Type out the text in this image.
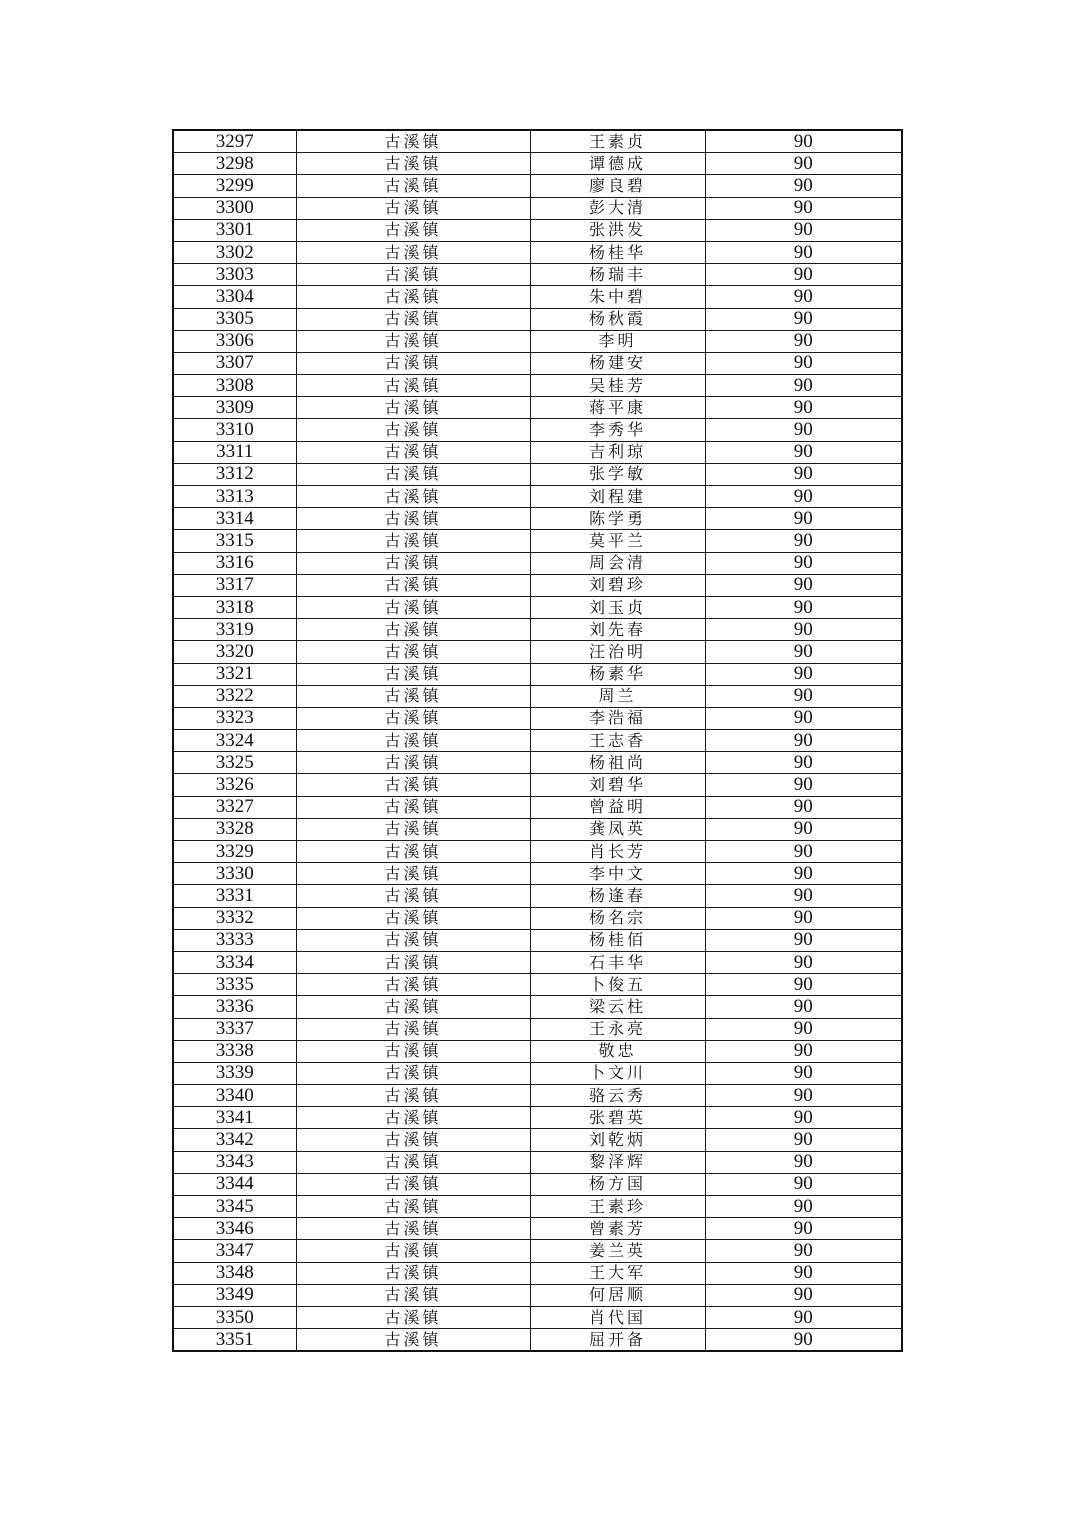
3297	古溪镇	王素贞	90
3298	古溪镇	谭德成	90
3299	古溪镇	廖良碧	90
3300	古溪镇	彭大清	90
3301	古溪镇	张洪发	90
3302	古溪镇	杨桂华	90
3303	古溪镇	杨瑞丰	90
3304	古溪镇	朱中碧	90
3305	古溪镇	杨秋霞	90
3306	古溪镇	李明	90
3307	古溪镇	杨建安	90
3308	古溪镇	吴桂芳	90
3309	古溪镇	蒋平康	90
3310	古溪镇	李秀华	90
3311	古溪镇	吉利琼	90
3312	古溪镇	张学敏	90
3313	古溪镇	刘程建	90
3314	古溪镇	陈学勇	90
3315	古溪镇	莫平兰	90
3316	古溪镇	周会清	90
3317	古溪镇	刘碧珍	90
3318	古溪镇	刘玉贞	90
3319	古溪镇	刘先春	90
3320	古溪镇	汪治明	90
3321	古溪镇	杨素华	90
3322	古溪镇	周兰	90
3323	古溪镇	李浩福	90
3324	古溪镇	王志香	90
3325	古溪镇	杨祖尚	90
3326	古溪镇	刘碧华	90
3327	古溪镇	曾益明	90
3328	古溪镇	龚凤英	90
3329	古溪镇	肖长芳	90
3330	古溪镇	李中文	90
3331	古溪镇	杨逢春	90
3332	古溪镇	杨名宗	90
3333	古溪镇	杨桂佰	90
3334	古溪镇	石丰华	90
3335	古溪镇	卜俊五	90
3336	古溪镇	梁云柱	90
3337	古溪镇	王永亮	90
3338	古溪镇	敬忠	90
3339	古溪镇	卜文川	90
3340	古溪镇	骆云秀	90
3341	古溪镇	张碧英	90
3342	古溪镇	刘乾炳	90
3343	古溪镇	黎泽辉	90
3344	古溪镇	杨方国	90
3345	古溪镇	王素珍	90
3346	古溪镇	曾素芳	90
3347	古溪镇	姜兰英	90
3348	古溪镇	王大军	90
3349	古溪镇	何居顺	90
3350	古溪镇	肖代国	90
3351	古溪镇	屈开备	90
